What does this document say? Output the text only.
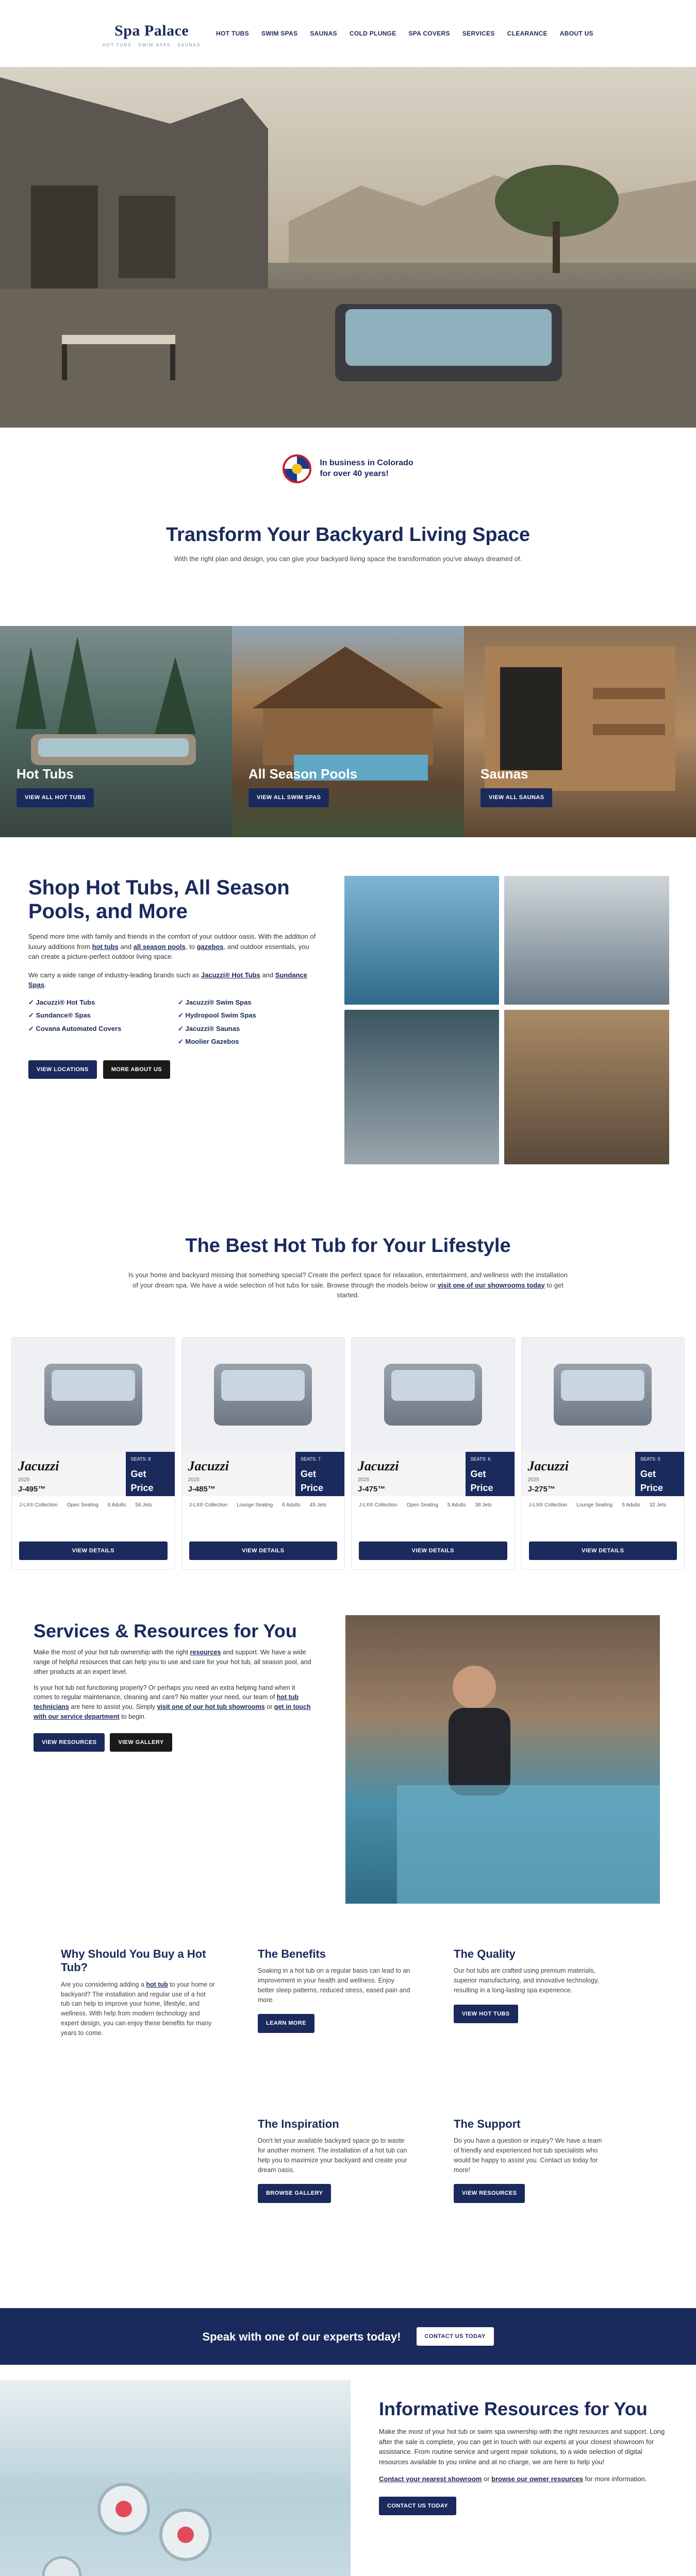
Spa Palace
HOT TUBS · SWIM SPAS · SAUNAS
HOT TUBS SWIM SPAS SAUNAS COLD PLUNGE SPA COVERS SERVICES CLEARANCE ABOUT US
In business in Colorado
for over 40 years!
Transform Your Backyard Living Space

With the right plan and design, you can give your backyard living space the transformation you've always dreamed of.

Hot Tubs
VIEW ALL HOT TUBS
All Season Pools
VIEW ALL SWIM SPAS
Saunas
VIEW ALL SAUNAS
Shop Hot Tubs, All Season Pools, and More

Spend more time with family and friends in the comfort of your outdoor oasis. With the addition of luxury additions from hot tubs and all season pools, to gazebos, and outdoor essentials, you can create a picture-perfect outdoor living space.

We carry a wide range of industry-leading brands such as Jacuzzi® Hot Tubs and Sundance Spas.

✓ Jacuzzi® Hot Tubs	✓ Jacuzzi® Swim Spas
✓ Sundance® Spas	✓ Hydropool Swim Spas
✓ Covana Automated Covers	✓ Jacuzzi® Saunas
✓ Moolier Gazebos
VIEW LOCATIONS	MORE ABOUT US
The Best Hot Tub for Your Lifestyle

Is your home and backyard missing that something special? Create the perfect space for relaxation, entertainment, and wellness with the installation of your dream spa. We have a wide selection of hot tubs for sale. Browse through the models below or visit one of our showrooms today to get started.

Jacuzzi
2025
J-495™
SEATS: 8
Get Price
J-LX® Collection Open Seating 6 Adults 56 Jets
VIEW DETAILS
Jacuzzi
2025
J-485™
SEATS: 7
Get Price
J-LX® Collection Lounge Seating 6 Adults 45 Jets
VIEW DETAILS
Jacuzzi
2025
J-475™
SEATS: 6
Get Price
J-LX® Collection Open Seating 5 Adults 38 Jets
VIEW DETAILS
Jacuzzi
2025
J-275™
SEATS: 5
Get Price
J-LX® Collection Lounge Seating 5 Adults 32 Jets
VIEW DETAILS
Services & Resources for You

Make the most of your hot tub ownership with the right resources and support. We have a wide range of helpful resources that can help you to use and care for your hot tub, all season pool, and other products at an expert level.

Is your hot tub not functioning properly? Or perhaps you need an extra helping hand when it comes to regular maintenance, cleaning and care? No matter your need, our team of hot tub technicians are here to assist you. Simply visit one of our hot tub showrooms or get in touch with our service department to begin.

VIEW RESOURCES	VIEW GALLERY
Why Should You Buy a Hot Tub?

Are you considering adding a hot tub to your home or backyard? The installation and regular use of a hot tub can help to improve your home, lifestyle, and wellness. With help from modern technology and expert design, you can enjoy these benefits for many years to come.

The Benefits

Soaking in a hot tub on a regular basis can lead to an improvement in your health and wellness. Enjoy better sleep patterns, reduced stress, eased pain and more.

LEARN MORE
The Quality

Our hot tubs are crafted using premium materials, superior manufacturing, and innovative technology, resulting in a long-lasting spa experience.

VIEW HOT TUBS
The Inspiration

Don't let your available backyard space go to waste for another moment. The installation of a hot tub can help you to maximize your backyard and create your dream oasis.

BROWSE GALLERY
The Support

Do you have a question or inquiry? We have a team of friendly and experienced hot tub specialists who would be happy to assist you. Contact us today for more!

VIEW RESOURCES
Speak with one of our experts today!	CONTACT US TODAY
Informative Resources for You

Make the most of your hot tub or swim spa ownership with the right resources and support. Long after the sale is complete, you can get in touch with our experts at your closest showroom for assistance. From routine service and urgent repair solutions, to a wide selection of digital resources available to you online and at no charge, we are here to help you!

Contact your nearest showroom or browse our owner resources for more information.

CONTACT US TODAY
